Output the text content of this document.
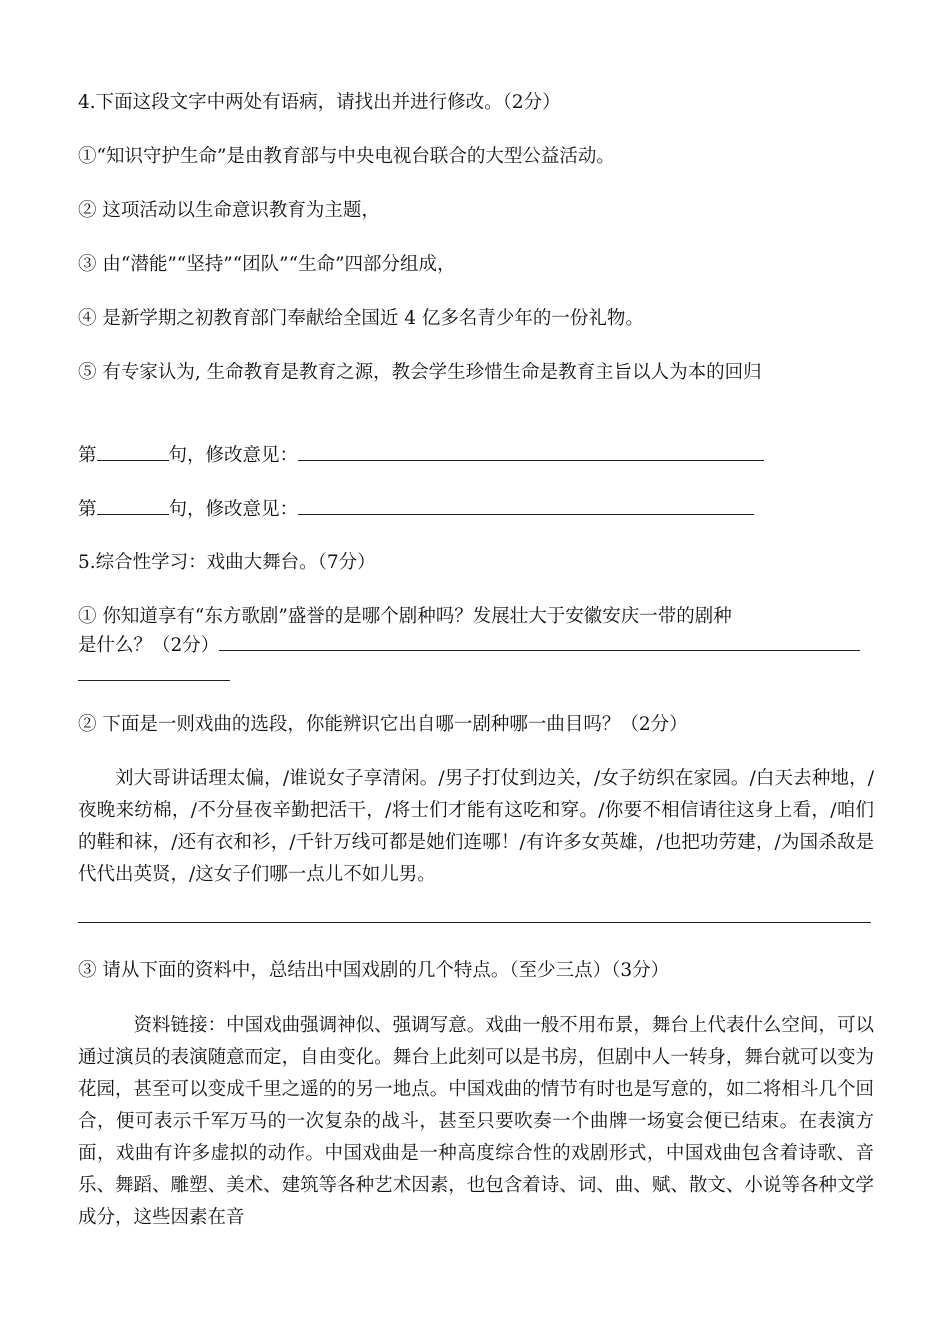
4.下面这段文字中两处有语病，请找出并进行修改。（2分）
①“知识守护生命”是由教育部与中央电视台联合的大型公益活动。
② 这项活动以生命意识教育为主题，
③ 由“潜能”“坚持”“团队”“生命”四部分组成，
④ 是新学期之初教育部门奉献给全国近 4 亿多名青少年的一份礼物。
⑤ 有专家认为, 生命教育是教育之源，教会学生珍惜生命是教育主旨以人为本的回归
第	句，修改意见：
第	句，修改意见：
5.综合性学习：戏曲大舞台。（7分）
① 你知道享有“东方歌剧”盛誉的是哪个剧种吗？发展壮大于安徽安庆一带的剧种
是什么？（2分）
② 下面是一则戏曲的选段，你能辨识它出自哪一剧种哪一曲目吗？（2分）
刘大哥讲话理太偏，/谁说女子享清闲。/男子打仗到边关，/女子纺织在家园。/白天去种地，/夜晚来纺棉，/不分昼夜辛勤把活干，/将士们才能有这吃和穿。/你要不相信请往这身上看，/咱们的鞋和袜，/还有衣和衫，/千针万线可都是她们连哪！/有许多女英雄，/也把功劳建，/为国杀敌是代代出英贤，/这女子们哪一点儿不如儿男。
③ 请从下面的资料中，总结出中国戏剧的几个特点。（至少三点）（3分）
资料链接：中国戏曲强调神似、强调写意。戏曲一般不用布景，舞台上代表什么空间，可以通过演员的表演随意而定，自由变化。舞台上此刻可以是书房，但剧中人一转身，舞台就可以变为花园，甚至可以变成千里之遥的的另一地点。中国戏曲的情节有时也是写意的，如二将相斗几个回合，便可表示千军万马的一次复杂的战斗，甚至只要吹奏一个曲牌一场宴会便已结束。在表演方面，戏曲有许多虚拟的动作。中国戏曲是一种高度综合性的戏剧形式，中国戏曲包含着诗歌、音乐、舞蹈、雕塑、美术、建筑等各种艺术因素，也包含着诗、词、曲、赋、散文、小说等各种文学成分，这些因素在音
